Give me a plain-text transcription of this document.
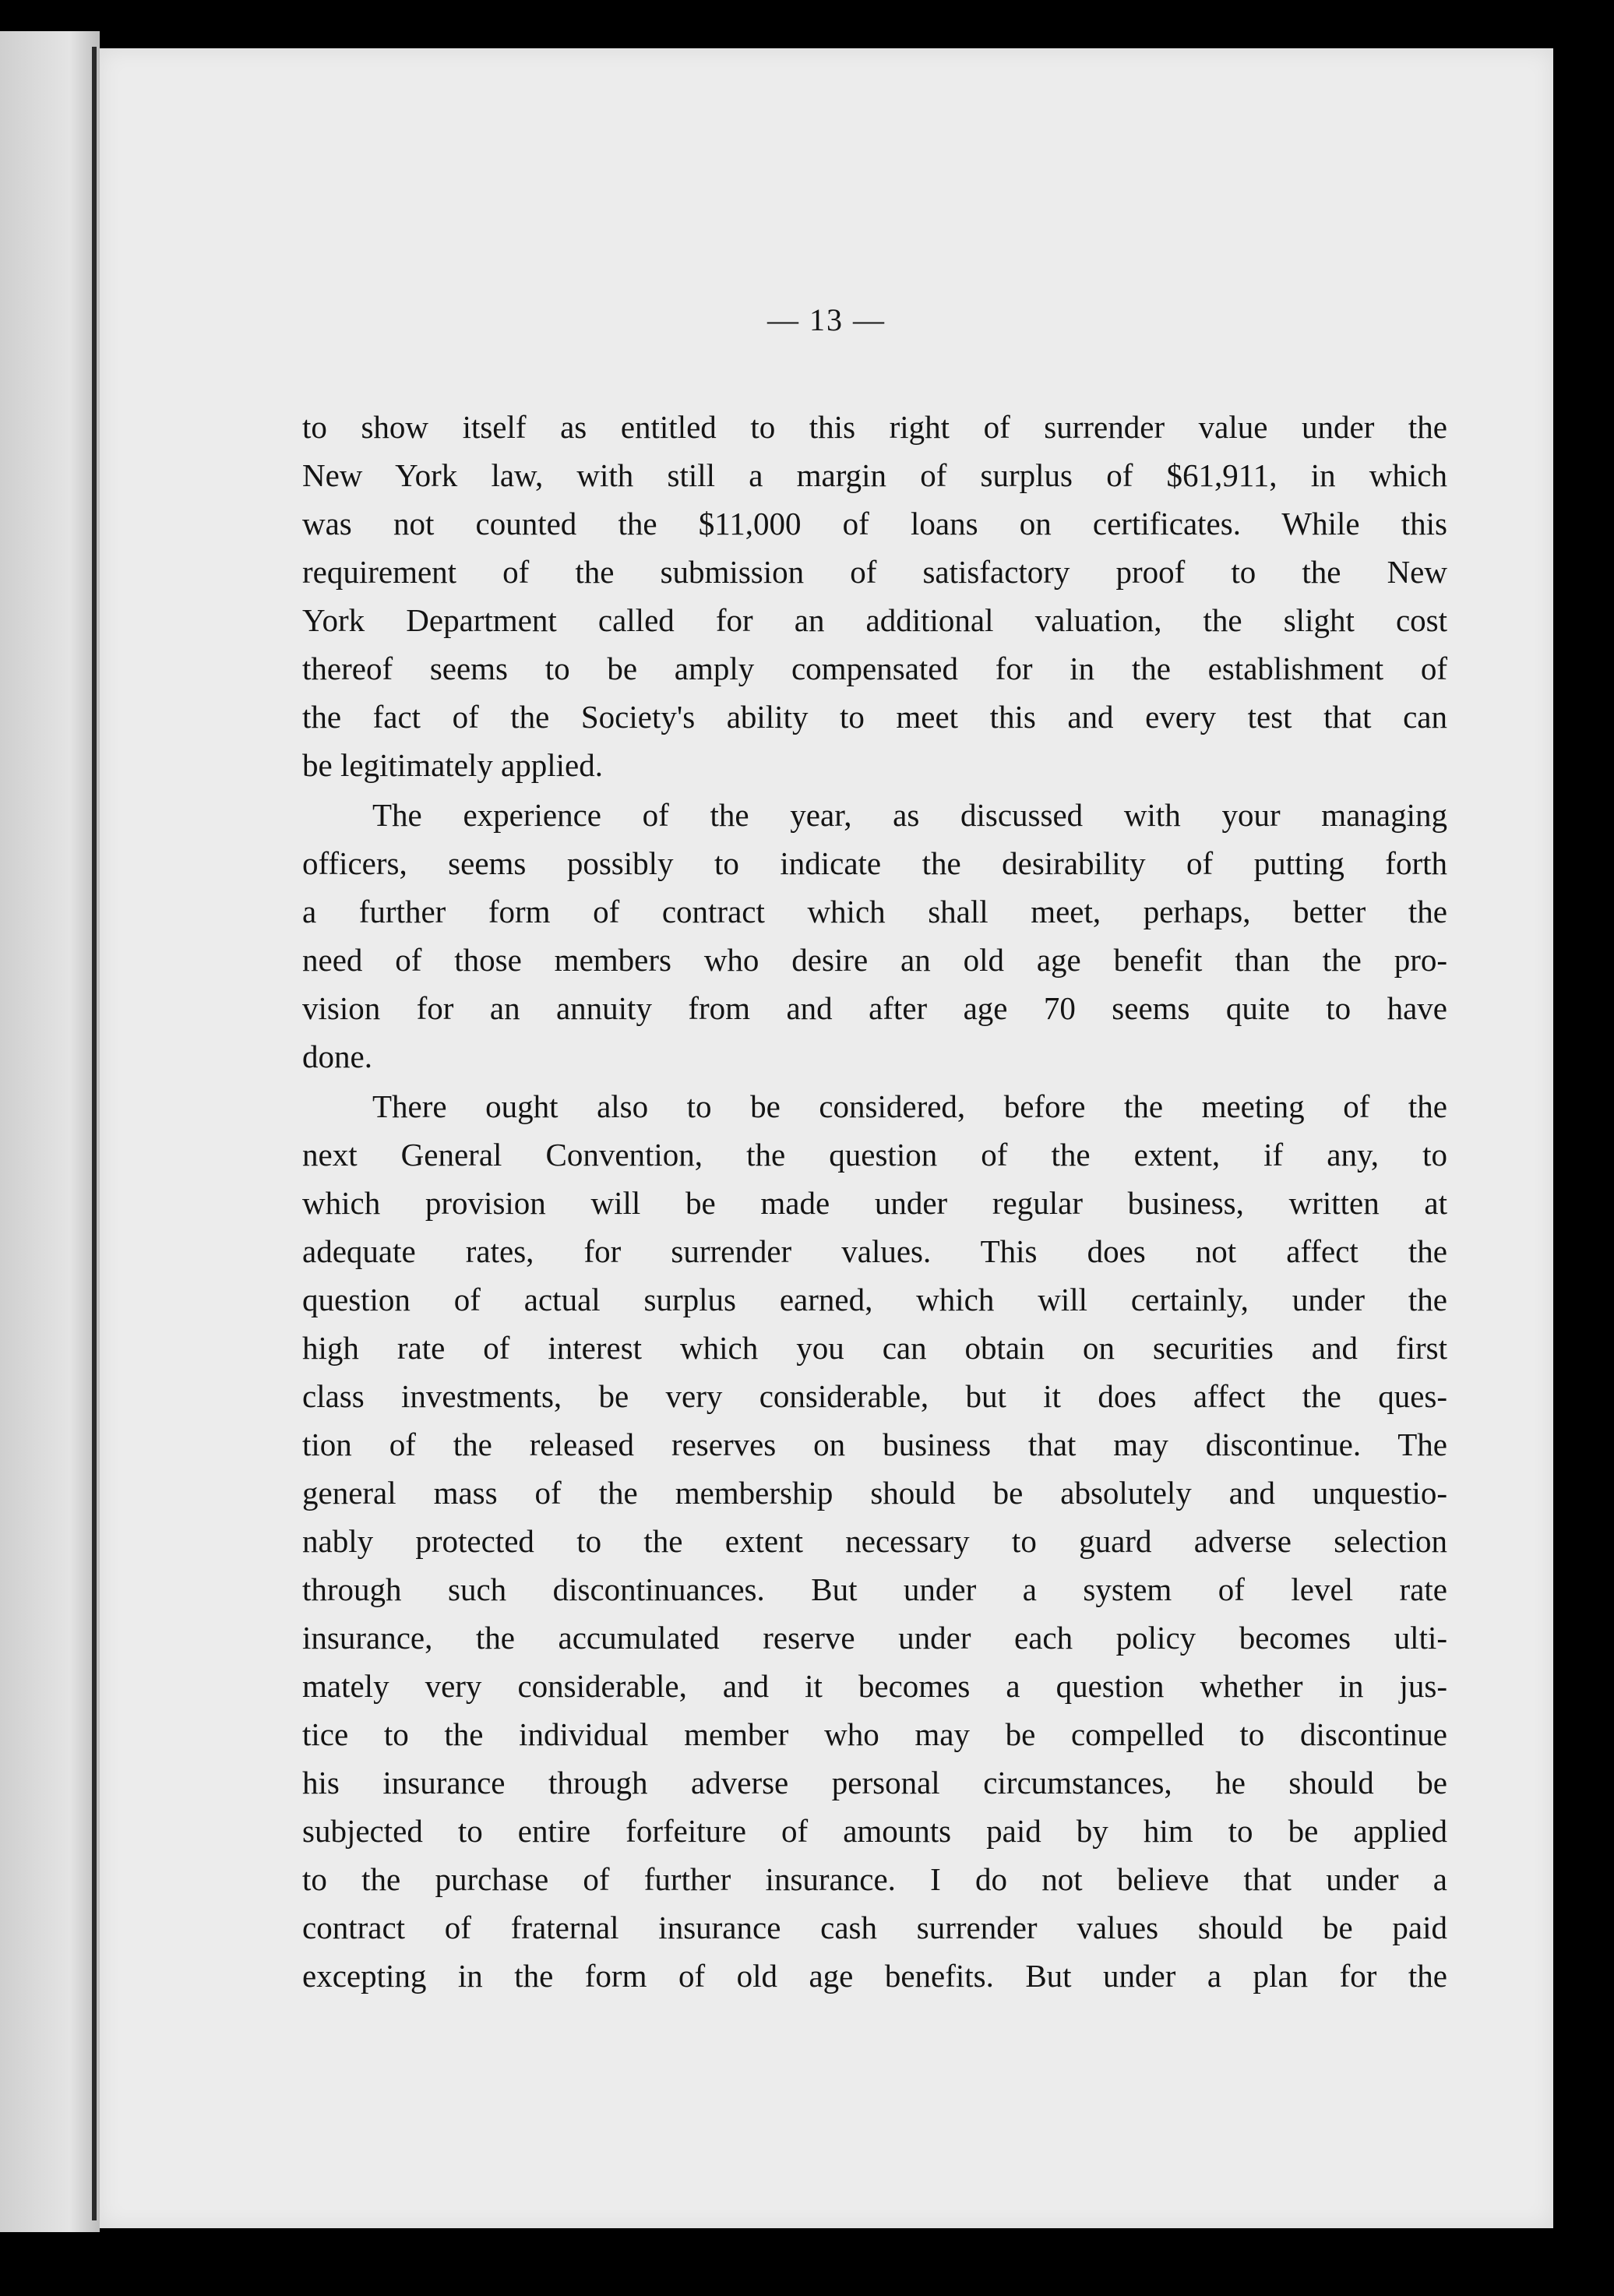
— 13 —
to show itself as entitled to this right of surrender value under the
New York law, with still a margin of surplus of $61,911, in which
was not counted the $11,000 of loans on certificates. While this
requirement of the submission of satisfactory proof to the New
York Department called for an additional valuation, the slight cost
thereof seems to be amply compensated for in the establishment of
the fact of the Society's ability to meet this and every test that can
be legitimately applied.
The experience of the year, as discussed with your managing
officers, seems possibly to indicate the desirability of putting forth
a further form of contract which shall meet, perhaps, better the
need of those members who desire an old age benefit than the pro-
vision for an annuity from and after age 70 seems quite to have
done.
There ought also to be considered, before the meeting of the
next General Convention, the question of the extent, if any, to
which provision will be made under regular business, written at
adequate rates, for surrender values. This does not affect the
question of actual surplus earned, which will certainly, under the
high rate of interest which you can obtain on securities and first
class investments, be very considerable, but it does affect the ques-
tion of the released reserves on business that may discontinue. The
general mass of the membership should be absolutely and unquestio-
nably protected to the extent necessary to guard adverse selection
through such discontinuances. But under a system of level rate
insurance, the accumulated reserve under each policy becomes ulti-
mately very considerable, and it becomes a question whether in jus-
tice to the individual member who may be compelled to discontinue
his insurance through adverse personal circumstances, he should be
subjected to entire forfeiture of amounts paid by him to be applied
to the purchase of further insurance. I do not believe that under a
contract of fraternal insurance cash surrender values should be paid
excepting in the form of old age benefits. But under a plan for the
